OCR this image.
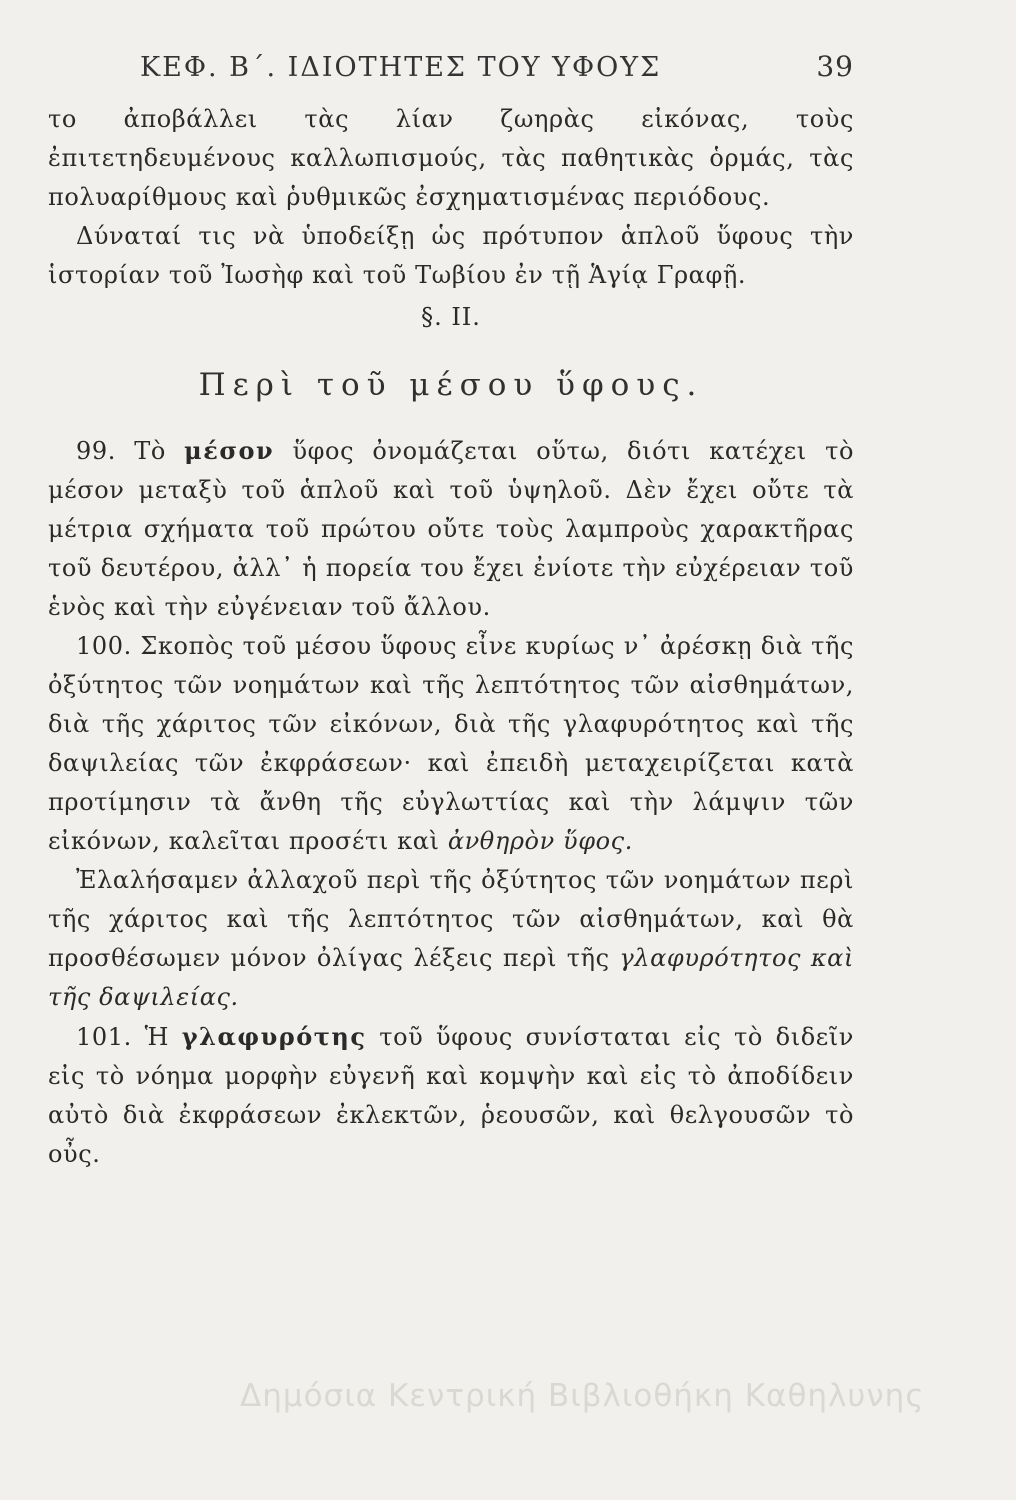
ΚΕΦ. Β΄. ΙΔΙΟΤΗΤΕΣ ΤΟΥ ΥΦΟΥΣ	39

το ἀποβάλλει τὰς λίαν ζωηρὰς εἰκόνας, τοὺς ἐπιτετηδευμένους καλλωπισμούς, τὰς παθητικὰς ὁρμάς, τὰς πολυαρίθμους καὶ ῥυθμικῶς ἐσχηματισμένας περιόδους.

Δύναταί τις νὰ ὑποδείξῃ ὡς πρότυπον ἁπλοῦ ὕφους τὴν ἱστορίαν τοῦ Ἰωσὴφ καὶ τοῦ Τωβίου ἐν τῇ Ἁγίᾳ Γραφῇ.

§. II.
Περὶ τοῦ μέσου ὕφους.

99. Τὸ μέσον ὕφος ὀνομάζεται οὕτω, διότι κατέχει τὸ μέσον μεταξὺ τοῦ ἁπλοῦ καὶ τοῦ ὑψηλοῦ. Δὲν ἔχει οὔτε τὰ μέτρια σχήματα τοῦ πρώτου οὔτε τοὺς λαμπροὺς χαρακτῆρας τοῦ δευτέρου, ἀλλ᾽ ἡ πορεία του ἔχει ἐνίοτε τὴν εὐχέρειαν τοῦ ἑνὸς καὶ τὴν εὐγένειαν τοῦ ἄλλου.

100. Σκοπὸς τοῦ μέσου ὕφους εἶνε κυρίως ν᾽ ἀρέσκῃ διὰ τῆς ὀξύτητος τῶν νοημάτων καὶ τῆς λεπτότητος τῶν αἰσθημάτων, διὰ τῆς χάριτος τῶν εἰκόνων, διὰ τῆς γλαφυρότητος καὶ τῆς δαψιλείας τῶν ἐκφράσεων· καὶ ἐπειδὴ μεταχειρίζεται κατὰ προτίμησιν τὰ ἄνθη τῆς εὐγλωττίας καὶ τὴν λάμψιν τῶν εἰκόνων, καλεῖται προσέτι καὶ ἀνθηρὸν ὕφος.

Ἐλαλήσαμεν ἀλλαχοῦ περὶ τῆς ὀξύτητος τῶν νοημάτων περὶ τῆς χάριτος καὶ τῆς λεπτότητος τῶν αἰσθημάτων, καὶ θὰ προσθέσωμεν μόνον ὀλίγας λέξεις περὶ τῆς γλαφυρότητος καὶ τῆς δαψιλείας.

101. Ἡ γλαφυρότης τοῦ ὕφους συνίσταται εἰς τὸ διδεῖν εἰς τὸ νόημα μορφὴν εὐγενῆ καὶ κομψὴν καὶ εἰς τὸ ἀποδίδειν αὐτὸ διὰ ἐκφράσεων ἐκλεκτῶν, ῥεουσῶν, καὶ θελγουσῶν τὸ οὖς.

Δημόσια Κεντρική Βιβλιοθήκη Καθηλυνης
